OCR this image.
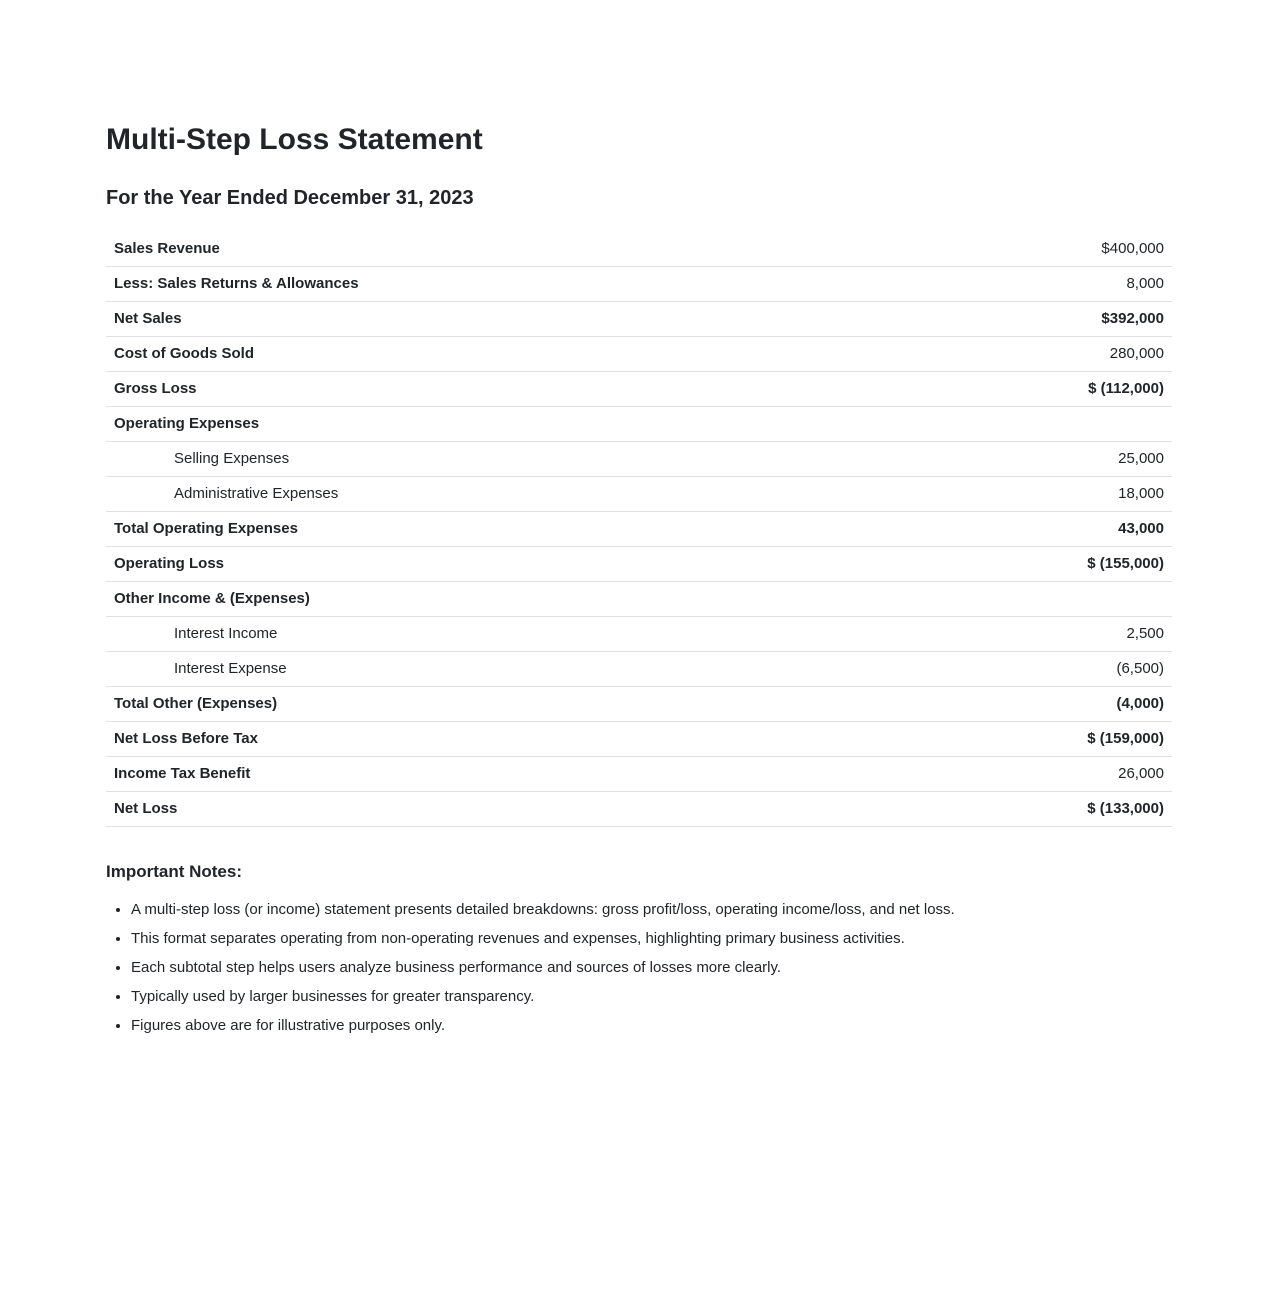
Multi-Step Loss Statement
For the Year Ended December 31, 2023
Sales Revenue	$400,000
Less: Sales Returns & Allowances	8,000
Net Sales	$392,000
Cost of Goods Sold	280,000
Gross Loss	$ (112,000)
Operating Expenses
Selling Expenses	25,000
Administrative Expenses	18,000
Total Operating Expenses	43,000
Operating Loss	$ (155,000)
Other Income & (Expenses)
Interest Income	2,500
Interest Expense	(6,500)
Total Other (Expenses)	(4,000)
Net Loss Before Tax	$ (159,000)
Income Tax Benefit	26,000
Net Loss	$ (133,000)
Important Notes:
• A multi-step loss (or income) statement presents detailed breakdowns: gross profit/loss, operating income/loss, and net loss.
• This format separates operating from non-operating revenues and expenses, highlighting primary business activities.
• Each subtotal step helps users analyze business performance and sources of losses more clearly.
• Typically used by larger businesses for greater transparency.
• Figures above are for illustrative purposes only.
